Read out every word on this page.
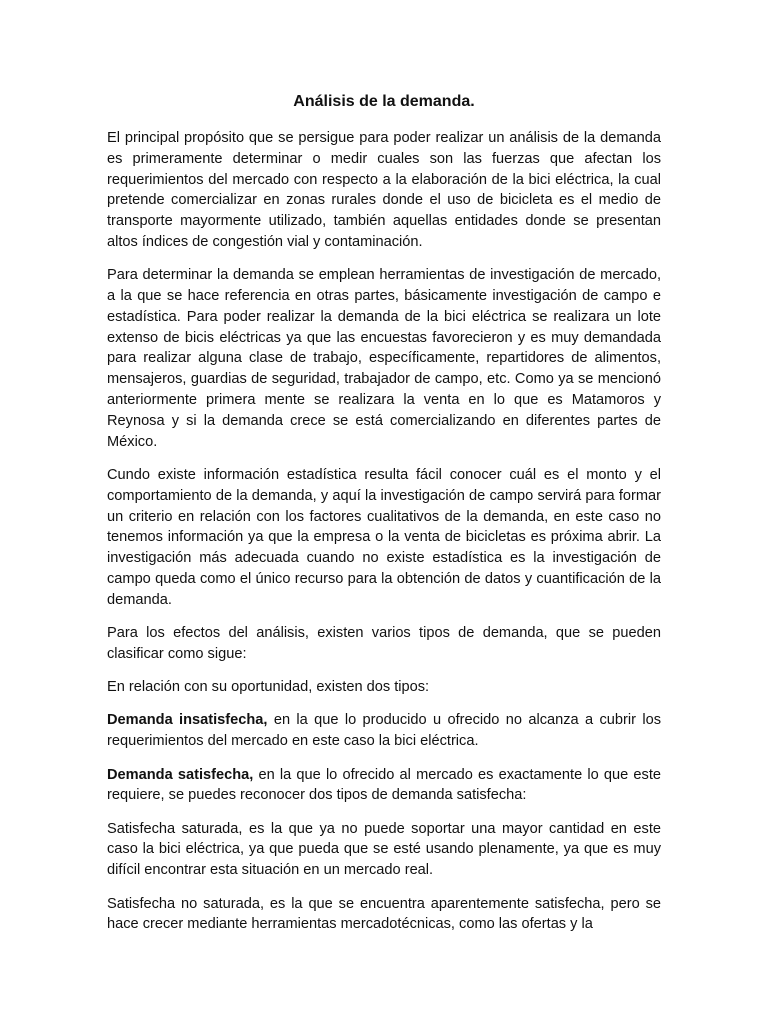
Análisis de la demanda.

El principal propósito que se persigue para poder realizar un análisis de la demanda es primeramente determinar o medir cuales son las fuerzas que afectan los requerimientos del mercado con respecto a la elaboración de la bici eléctrica, la cual pretende comercializar en zonas rurales donde el uso de bicicleta es el medio de transporte mayormente utilizado, también aquellas entidades donde se presentan altos índices de congestión vial y contaminación.

Para determinar la demanda se emplean herramientas de investigación de mercado, a la que se hace referencia en otras partes, básicamente investigación de campo e estadística. Para poder realizar la demanda de la bici eléctrica se realizara un lote extenso de bicis eléctricas ya que las encuestas favorecieron y es muy demandada para realizar alguna clase de trabajo, específicamente, repartidores de alimentos, mensajeros, guardias de seguridad, trabajador de campo, etc. Como ya se mencionó anteriormente primera mente se realizara la venta en lo que es Matamoros y Reynosa y si la demanda crece se está comercializando en diferentes partes de México.

Cundo existe información estadística resulta fácil conocer cuál es el monto y el comportamiento de la demanda, y aquí la investigación de campo servirá para formar un criterio en relación con los factores cualitativos de la demanda, en este caso no tenemos información ya que la empresa o la venta de bicicletas es próxima abrir. La investigación más adecuada cuando no existe estadística es la investigación de campo queda como el único recurso para la obtención de datos y cuantificación de la demanda.

Para los efectos del análisis, existen varios tipos de demanda, que se pueden clasificar como sigue:

En relación con su oportunidad, existen dos tipos:

Demanda insatisfecha, en la que lo producido u ofrecido no alcanza a cubrir los requerimientos del mercado en este caso la bici eléctrica.

Demanda satisfecha, en la que lo ofrecido al mercado es exactamente lo que este requiere, se puedes reconocer dos tipos de demanda satisfecha:

Satisfecha saturada, es la que ya no puede soportar una mayor cantidad en este caso la bici eléctrica, ya que pueda que se esté usando plenamente, ya que es muy difícil encontrar esta situación en un mercado real.

Satisfecha no saturada, es la que se encuentra aparentemente satisfecha, pero se hace crecer mediante herramientas mercadotécnicas, como las ofertas y la
